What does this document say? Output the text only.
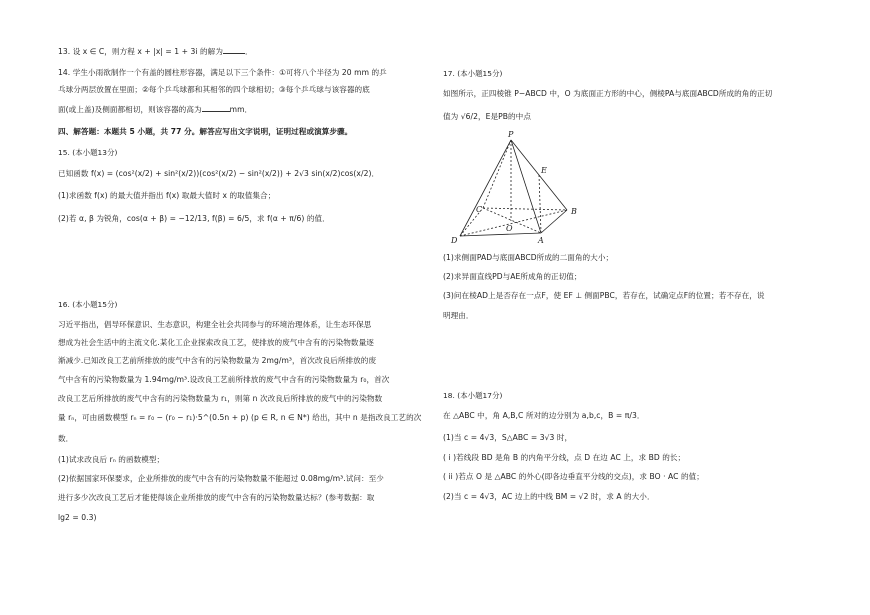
13. 设 x ∈ C，则方程 x + |x| = 1 + 3i 的解为	．
14. 学生小雨欲制作一个有盖的圆柱形容器，满足以下三个条件：①可将八个半径为 20 mm 的乒
乓球分两层放置在里面；②每个乒乓球都和其相邻的四个球相切；③每个乒乓球与该容器的底
面(或上盖)及侧面都相切，则该容器的高为	mm．
四、解答题：本题共 5 小题，共 77 分。解答应写出文字说明，证明过程或演算步骤。
15. (本小题13分)
已知函数 f(x) = (cos²(x/2) + sin²(x/2))(cos²(x/2) − sin²(x/2)) + 2√3 sin(x/2)cos(x/2)．
(1)求函数 f(x) 的最大值并指出 f(x) 取最大值时 x 的取值集合；
(2)若 α, β 为锐角，cos(α + β) = −12/13, f(β) = 6/5，求 f(α + π/6) 的值．
16. (本小题15分)
习近平指出，倡导环保意识、生态意识，构建全社会共同参与的环境治理体系，让生态环保思
想成为社会生活中的主流文化.某化工企业探索改良工艺，使排放的废气中含有的污染物数量逐
渐减少.已知改良工艺前所排放的废气中含有的污染物数量为 2mg/m³，首次改良后所排放的废
气中含有的污染物数量为 1.94mg/m³.设改良工艺前所排放的废气中含有的污染物数量为 r₀，首次
改良工艺后所排放的废气中含有的污染物数量为 r₁，则第 n 次改良后所排放的废气中的污染物数
量 rₙ，可由函数模型 rₙ = r₀ − (r₀ − r₁)·5^(0.5n + p) (p ∈ R, n ∈ N*) 给出，其中 n 是指改良工艺的次
数．
(1)试求改良后 rₙ 的函数模型；
(2)依据国家环保要求，企业所排放的废气中含有的污染物数量不能超过 0.08mg/m³.试问：至少
进行多少次改良工艺后才能使得该企业所排放的废气中含有的污染物数量达标？(参考数据：取
lg2 = 0.3)
17. (本小题15分)
如图所示，正四棱锥 P−ABCD 中，O 为底面正方形的中心，侧棱PA与底面ABCD所成的角的正切
值为 √6/2，E是PB的中点
P
E
C	B
O
D	A
(1)求侧面PAD与底面ABCD所成的二面角的大小；
(2)求异面直线PD与AE所成角的正切值；
(3)问在棱AD上是否存在一点F，使 EF ⊥ 侧面PBC，若存在，试确定点F的位置；若不存在，说
明理由．
18. (本小题17分)
在 △ABC 中，角 A,B,C 所对的边分别为 a,b,c，B = π/3．
(1)当 c = 4√3，S△ABC = 3√3 时，
( i )若线段 BD 是角 B 的内角平分线，点 D 在边 AC 上，求 BD 的长；
( ii )若点 O 是 △ABC 的外心(即各边垂直平分线的交点)，求 BO · AC 的值；
(2)当 c = 4√3，AC 边上的中线 BM = √2 时，求 A 的大小．
